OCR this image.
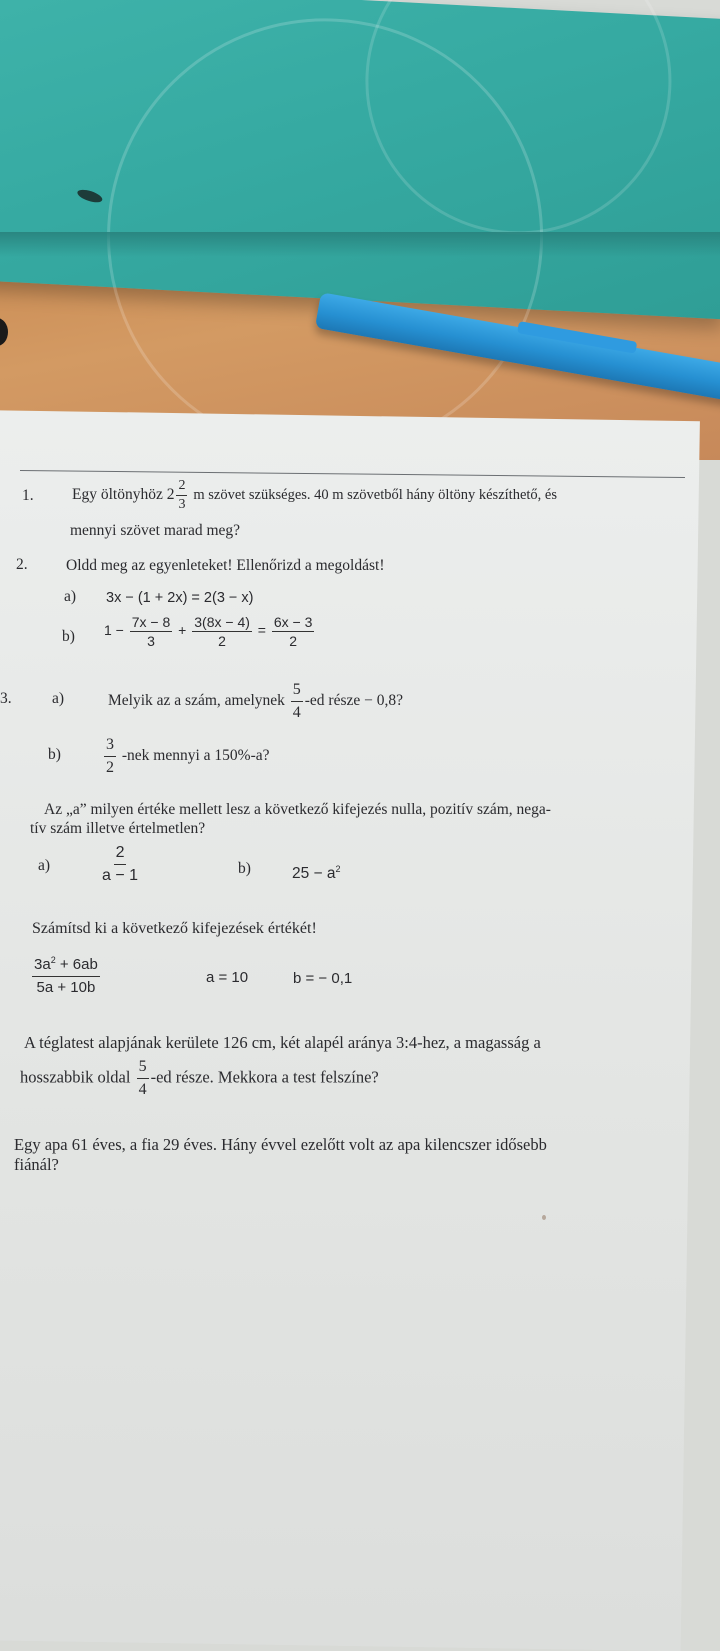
1. Egy öltönyhöz $2 \frac{2}{3}$ m szövet szükséges. 40 m szövetből hány öltöny készíthető, és
mennyi szövet marad meg?
2. Oldd meg az egyenleteket! Ellenőrizd a megoldást!
a) 3x − (1 + 2x) = 2(3 − x)
b) $1 - \frac{7x - 8}{3} + \frac{3(8x - 4)}{2} = \frac{6x - 3}{2}$
3.	a)	Melyik az a szám, amelynek $\frac{5}{4} -ed$ része − 0,8?
b)	$\frac{3}{2} -nek$ mennyi a 150%-a?
Az „a” milyen értéke mellett lesz a következő kifejezés nulla, pozitív szám, nega-
tív szám illetve értelmetlen?
a)	$\frac{2}{a - 1}$	b)	$25 - a^2$
Számítsd ki a következő kifejezések értékét!
$\frac{3a^2 + 6ab}{5a + 10b}$	a = 10	b = − 0,1
A téglatest alapjának kerülete 126 cm, két alapél aránya 3:4-hez, a magasság a
hosszabbik oldal $\frac{5}{4} -ed$ része. Mekkora a test felszíne?
Egy apa 61 éves, a fia 29 éves. Hány évvel ezelőtt volt az apa kilencszer idősebb
fiánál?
